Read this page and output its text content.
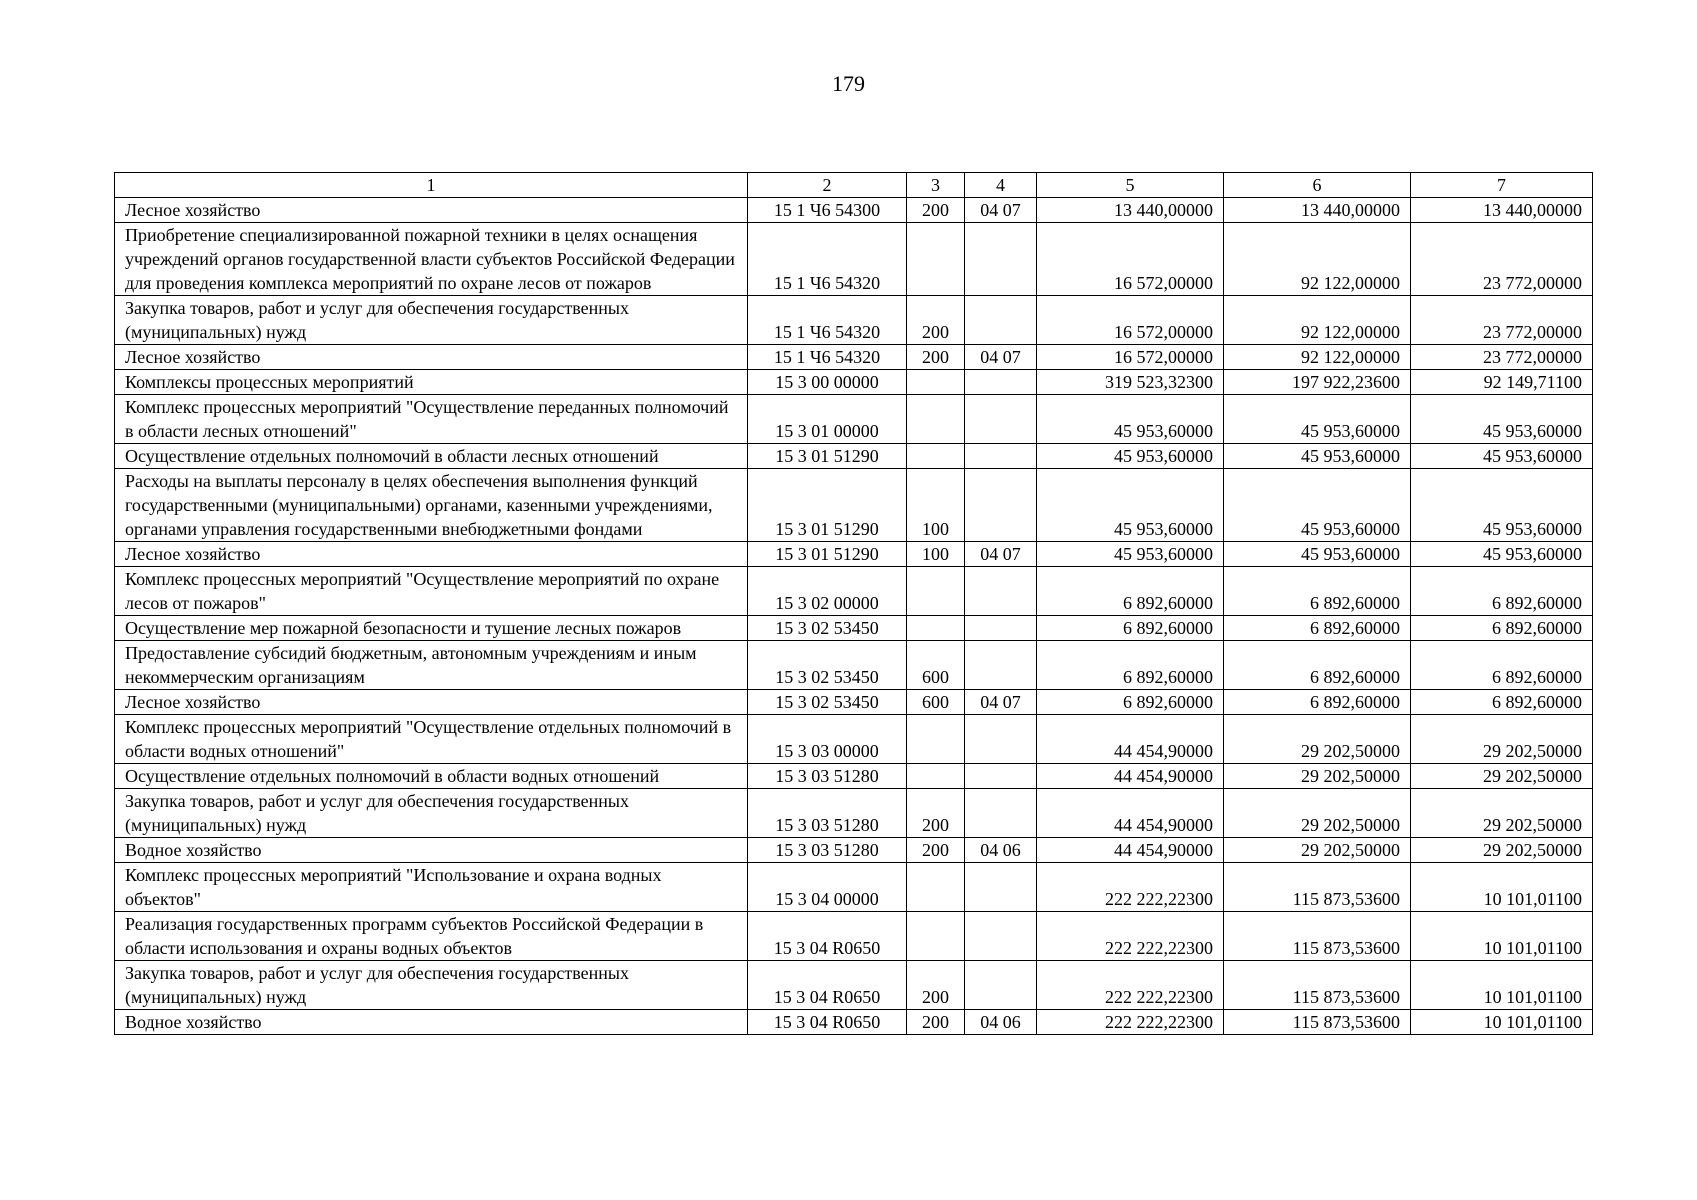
179
1	2	3	4	5	6	7
Лесное хозяйство	15 1 Ч6 54300	200	04 07	13 440,00000	13 440,00000	13 440,00000
Приобретение специализированной пожарной техники в целях оснащения учреждений органов государственной власти субъектов Российской Федерации для проведения комплекса мероприятий по охране лесов от пожаров	15 1 Ч6 54320			16 572,00000	92 122,00000	23 772,00000
Закупка товаров, работ и услуг для обеспечения государственных (муниципальных) нужд	15 1 Ч6 54320	200		16 572,00000	92 122,00000	23 772,00000
Лесное хозяйство	15 1 Ч6 54320	200	04 07	16 572,00000	92 122,00000	23 772,00000
Комплексы процессных мероприятий	15 3 00 00000			319 523,32300	197 922,23600	92 149,71100
Комплекс процессных мероприятий "Осуществление переданных полномочий в области лесных отношений"	15 3 01 00000			45 953,60000	45 953,60000	45 953,60000
Осуществление отдельных полномочий в области лесных отношений	15 3 01 51290			45 953,60000	45 953,60000	45 953,60000
Расходы на выплаты персоналу в целях обеспечения выполнения функций государственными (муниципальными) органами, казенными учреждениями, органами управления государственными внебюджетными фондами	15 3 01 51290	100		45 953,60000	45 953,60000	45 953,60000
Лесное хозяйство	15 3 01 51290	100	04 07	45 953,60000	45 953,60000	45 953,60000
Комплекс процессных мероприятий "Осуществление мероприятий по охране лесов от пожаров"	15 3 02 00000			6 892,60000	6 892,60000	6 892,60000
Осуществление мер пожарной безопасности и тушение лесных пожаров	15 3 02 53450			6 892,60000	6 892,60000	6 892,60000
Предоставление субсидий бюджетным, автономным учреждениям и иным некоммерческим организациям	15 3 02 53450	600		6 892,60000	6 892,60000	6 892,60000
Лесное хозяйство	15 3 02 53450	600	04 07	6 892,60000	6 892,60000	6 892,60000
Комплекс процессных мероприятий "Осуществление отдельных полномочий в области водных отношений"	15 3 03 00000			44 454,90000	29 202,50000	29 202,50000
Осуществление отдельных полномочий в области водных отношений	15 3 03 51280			44 454,90000	29 202,50000	29 202,50000
Закупка товаров, работ и услуг для обеспечения государственных (муниципальных) нужд	15 3 03 51280	200		44 454,90000	29 202,50000	29 202,50000
Водное хозяйство	15 3 03 51280	200	04 06	44 454,90000	29 202,50000	29 202,50000
Комплекс процессных мероприятий "Использование и охрана водных объектов"	15 3 04 00000			222 222,22300	115 873,53600	10 101,01100
Реализация государственных программ субъектов Российской Федерации в области использования и охраны водных объектов	15 3 04 R0650			222 222,22300	115 873,53600	10 101,01100
Закупка товаров, работ и услуг для обеспечения государственных (муниципальных) нужд	15 3 04 R0650	200		222 222,22300	115 873,53600	10 101,01100
Водное хозяйство	15 3 04 R0650	200	04 06	222 222,22300	115 873,53600	10 101,01100
